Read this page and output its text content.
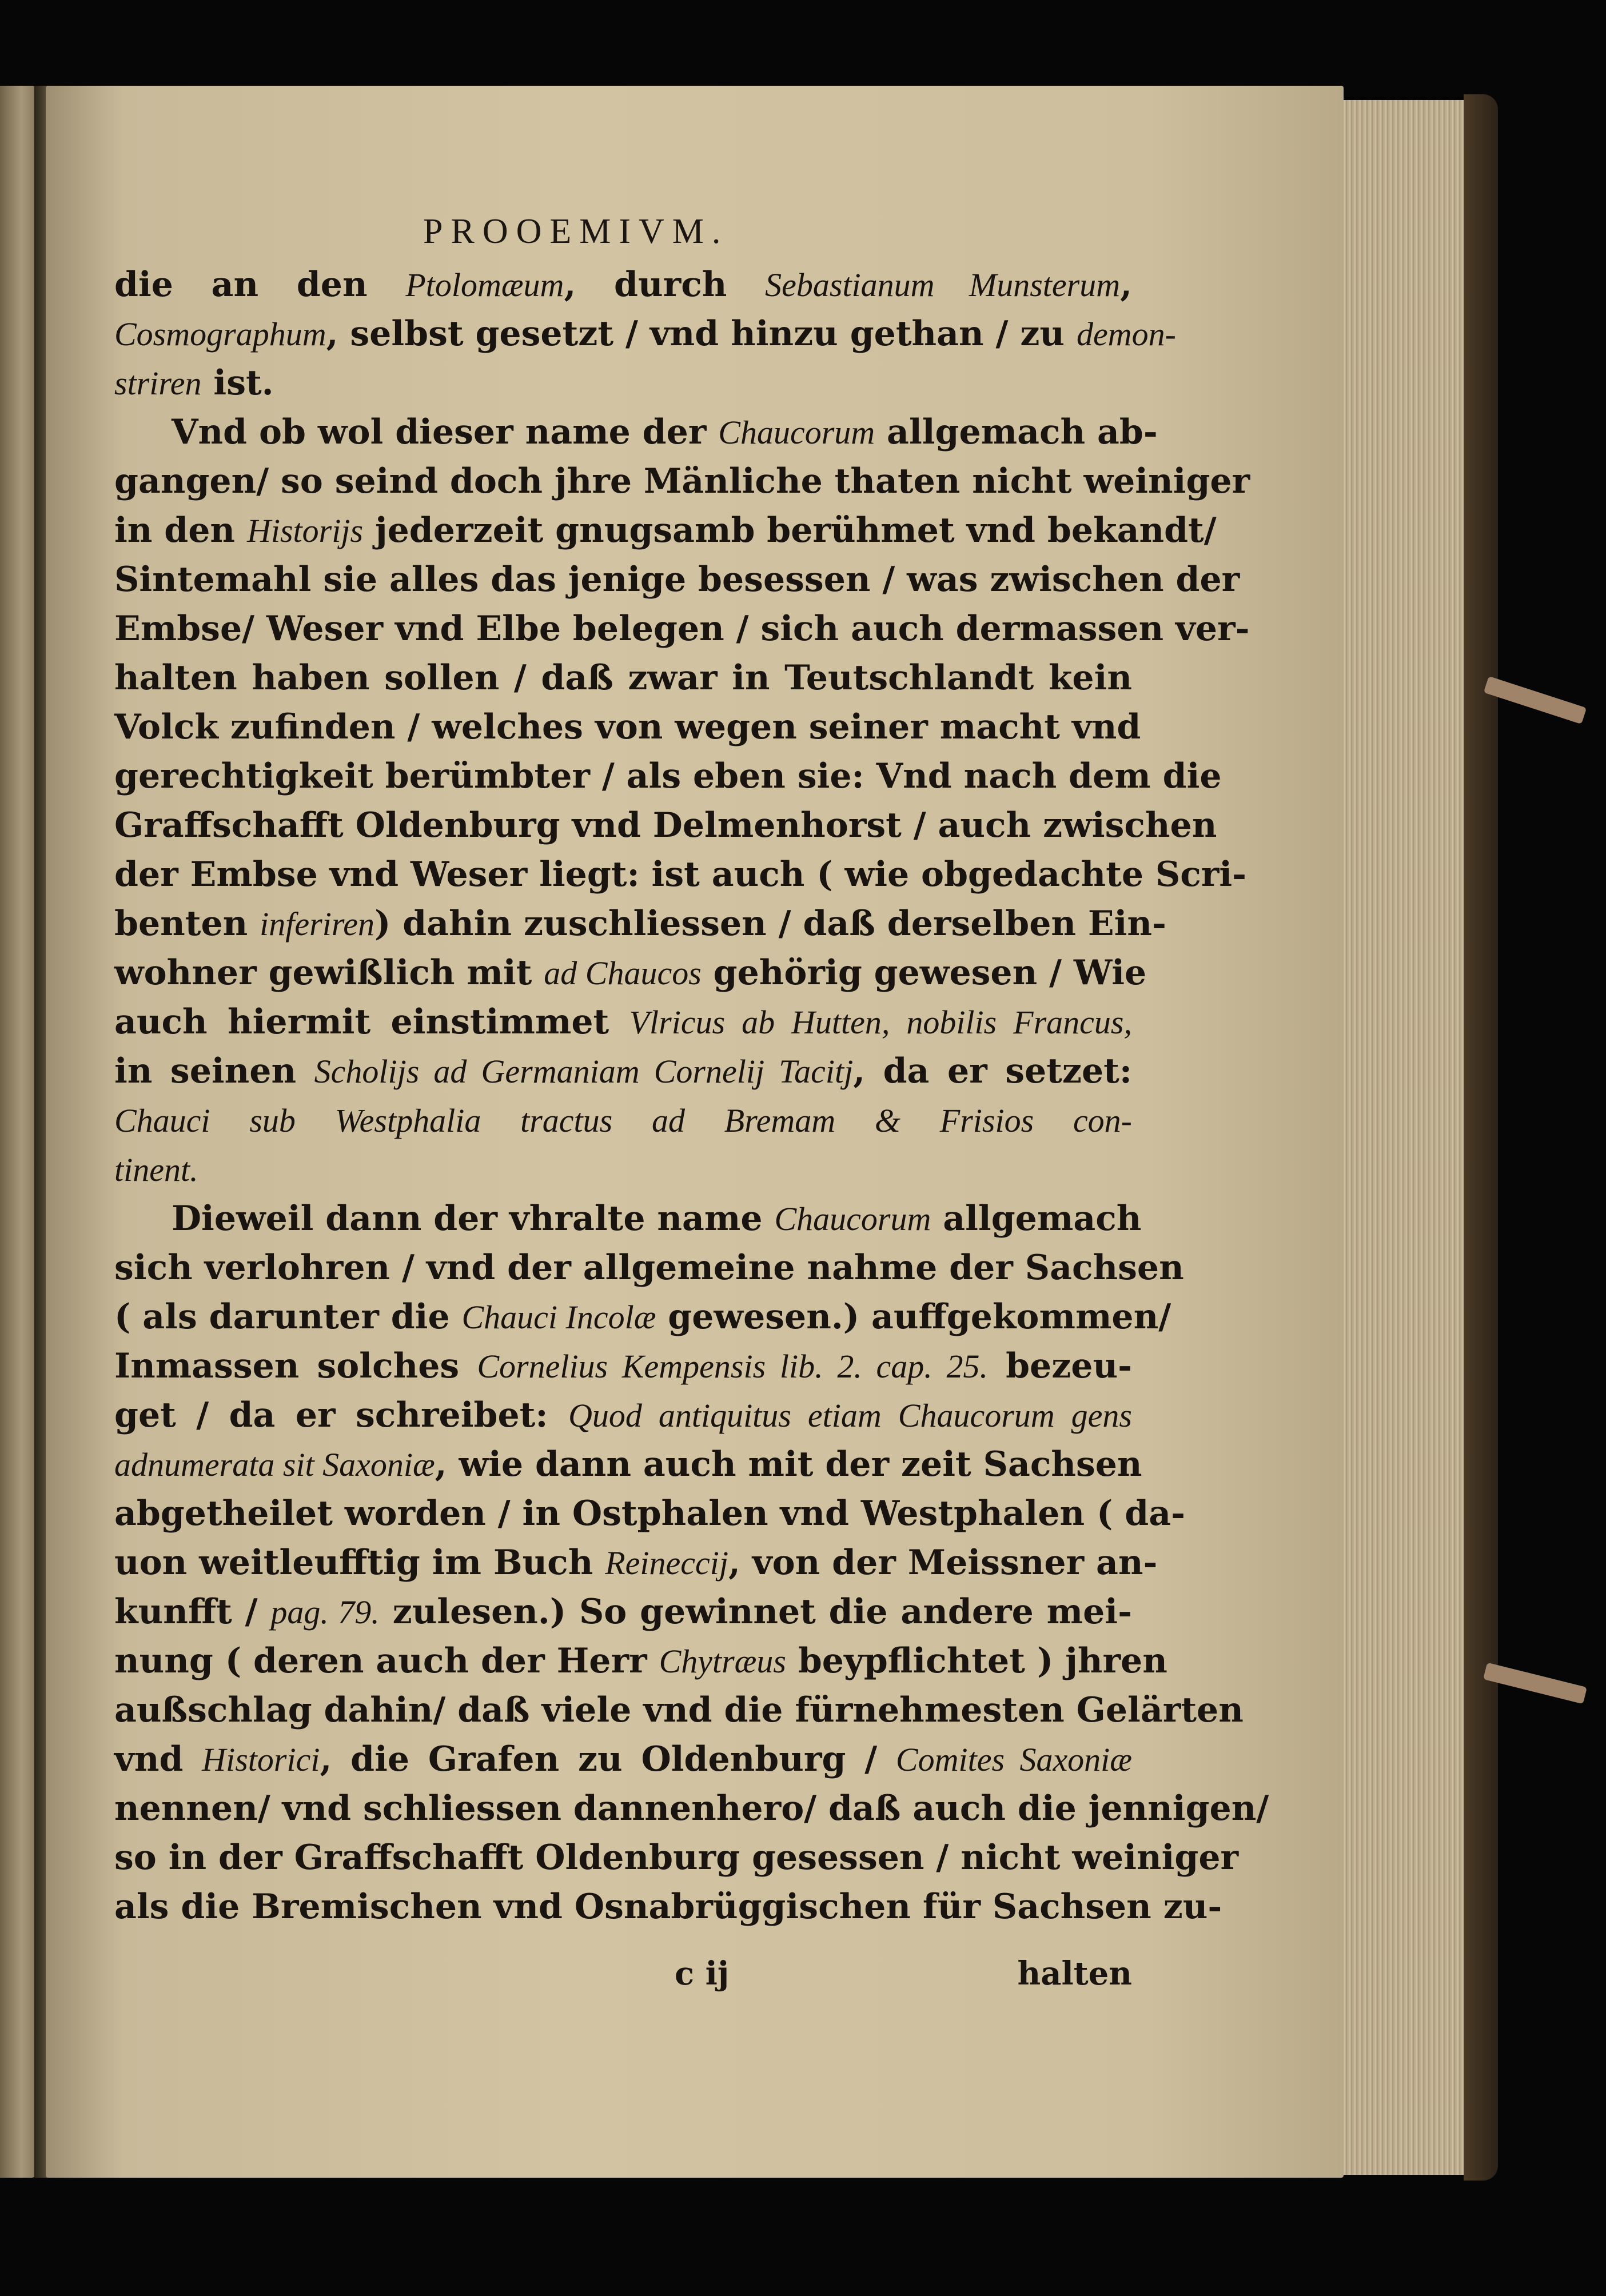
PROOEMIVM.
die an den Ptolomæum, durch Sebastianum Munsterum,
Cosmographum, selbst gesetzt / vnd hinzu gethan / zu demon-
striren ist.
Vnd ob wol dieser name der Chaucorum allgemach ab-
gangen/ so seind doch jhre Mänliche thaten nicht weiniger
in den Historijs jederzeit gnugsamb berühmet vnd bekandt/
Sintemahl sie alles das jenige besessen / was zwischen der
Embse/ Weser vnd Elbe belegen / sich auch dermassen ver-
halten haben sollen / daß zwar in Teutschlandt kein
Volck zufinden / welches von wegen seiner macht vnd
gerechtigkeit berümbter / als eben sie: Vnd nach dem die
Graffschafft Oldenburg vnd Delmenhorst / auch zwischen
der Embse vnd Weser liegt: ist auch ( wie obgedachte Scri-
benten inferiren) dahin zuschliessen / daß derselben Ein-
wohner gewißlich mit ad Chaucos gehörig gewesen / Wie
auch hiermit einstimmet Vlricus ab Hutten, nobilis Francus,
in seinen Scholijs ad Germaniam Cornelij Tacitj, da er setzet:
Chauci sub Westphalia tractus ad Bremam & Frisios con-
tinent.
Dieweil dann der vhralte name Chaucorum allgemach
sich verlohren / vnd der allgemeine nahme der Sachsen
( als darunter die Chauci Incolæ gewesen.) auffgekommen/
Inmassen solches Cornelius Kempensis lib. 2. cap. 25. bezeu-
get / da er schreibet: Quod antiquitus etiam Chaucorum gens
adnumerata sit Saxoniæ, wie dann auch mit der zeit Sachsen
abgetheilet worden / in Ostphalen vnd Westphalen ( da-
uon weitleufftig im Buch Reineccij, von der Meissner an-
kunfft / pag. 79. zulesen.) So gewinnet die andere mei-
nung ( deren auch der Herr Chytræus beypflichtet ) jhren
außschlag dahin/ daß viele vnd die fürnehmesten Gelärten
vnd Historici, die Grafen zu Oldenburg / Comites Saxoniæ
nennen/ vnd schliessen dannenhero/ daß auch die jennigen/
so in der Graffschafft Oldenburg gesessen / nicht weiniger
als die Bremischen vnd Osnabrüggischen für Sachsen zu-
c ij	halten
